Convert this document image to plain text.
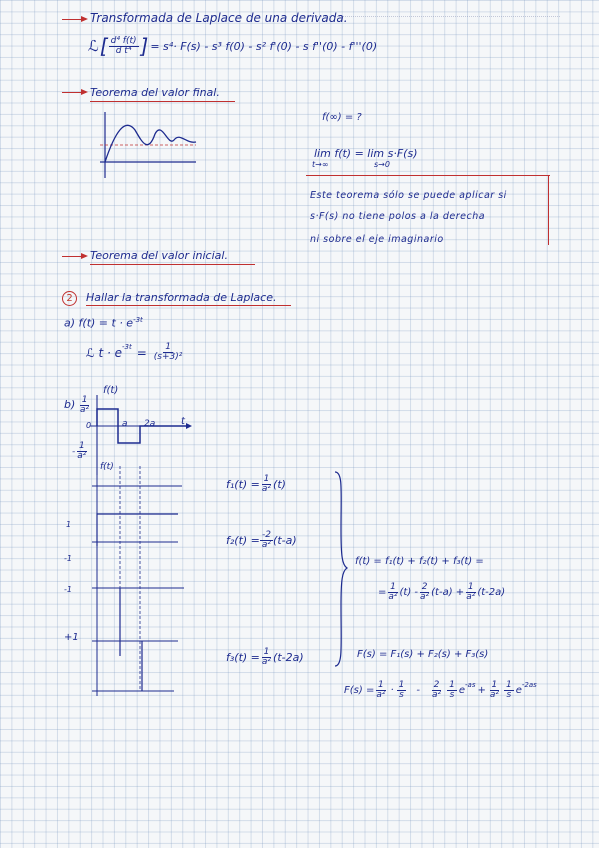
Transformada de Laplace de una derivada.
ℒ [ $\frac{\text{d⁴ f(t)}}{\text{d t⁴}}$ ] = s⁴· F(s) - s³ f(0) - s² f'(0) - s f''(0) - f'''(0)
Teorema del valor final.
f(∞) = ?
lim f(t) = lim s·F(s)
t→∞	s→0
Este teorema sólo se puede aplicar si
s·F(s) no tiene polos a la derecha
ni sobre el eje imaginario
Teorema del valor inicial.
2	Hallar la transformada de Laplace.
a) $f(t) = t \cdot e^{-3t}$
ℒ $t \cdot e^{-3t} = \frac{1}{\text{(s+3)²}}$
$b) \frac{1}{\text{a²}}$
- $\frac{1}{\text{a²}}$
0
f(t)
t
a 2a
f(t)
1
-1
-1
+1
$f_1(t) = \frac{1}{\text{a²}} (t)$
$f_2(t) = \frac{-2}{\text{a²}} (t-a)$
$f_3(t) = \frac{1}{\text{a²}} (t-2a)$
f(t) = f₁(t) + f₂(t) + f₃(t) =
= $\frac{1}{\text{a²}} (t) - \frac{2}{\text{a²}} (t-a) + \frac{1}{\text{a²}} (t-2a)$
F(s) = F₁(s) + F₂(s) + F₃(s)
$F(s) = \frac{1}{\text{a²}} \cdot \frac{1}{s} - \frac{2}{\text{a²}} \frac{1}{s} e^{-as} + \frac{1}{\text{a²}} \frac{1}{s} e^{-2as}$
